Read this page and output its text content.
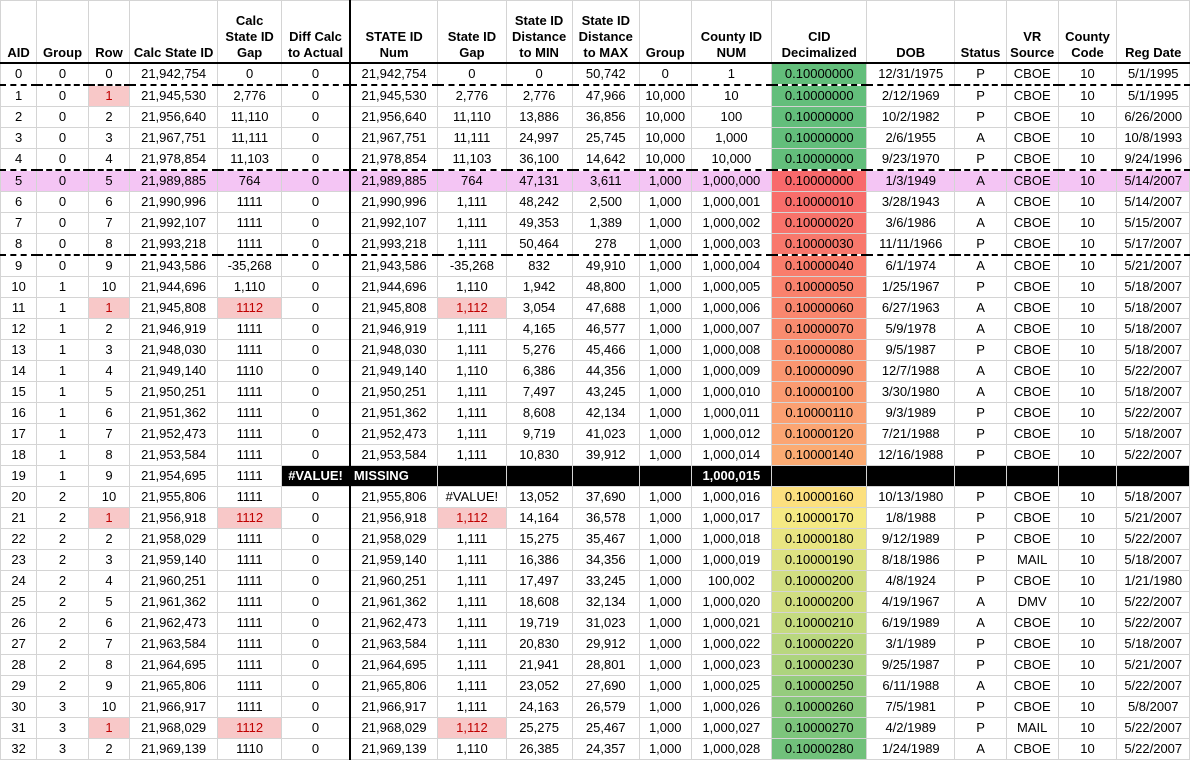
AID	Group	Row	Calc State ID	Calc State ID Gap	Diff Calc to Actual	STATE ID Num	State ID Gap	State ID Distance to MIN	State ID Distance to MAX	Group	County ID NUM	CID Decimalized	DOB	Status	VR Source	County Code	Reg Date
0	0	0	21,942,754	0	0	21,942,754	0	0	50,742	0	1	0.10000000	12/31/1975	P	CBOE	10	5/1/1995
1	0	1	21,945,530	2,776	0	21,945,530	2,776	2,776	47,966	10,000	10	0.10000000	2/12/1969	P	CBOE	10	5/1/1995
2	0	2	21,956,640	11,110	0	21,956,640	11,110	13,886	36,856	10,000	100	0.10000000	10/2/1982	P	CBOE	10	6/26/2000
3	0	3	21,967,751	11,111	0	21,967,751	11,111	24,997	25,745	10,000	1,000	0.10000000	2/6/1955	A	CBOE	10	10/8/1993
4	0	4	21,978,854	11,103	0	21,978,854	11,103	36,100	14,642	10,000	10,000	0.10000000	9/23/1970	P	CBOE	10	9/24/1996
5	0	5	21,989,885	764	0	21,989,885	764	47,131	3,611	1,000	1,000,000	0.10000000	1/3/1949	A	CBOE	10	5/14/2007
6	0	6	21,990,996	1111	0	21,990,996	1,111	48,242	2,500	1,000	1,000,001	0.10000010	3/28/1943	A	CBOE	10	5/14/2007
7	0	7	21,992,107	1111	0	21,992,107	1,111	49,353	1,389	1,000	1,000,002	0.10000020	3/6/1986	A	CBOE	10	5/15/2007
8	0	8	21,993,218	1111	0	21,993,218	1,111	50,464	278	1,000	1,000,003	0.10000030	11/11/1966	P	CBOE	10	5/17/2007
9	0	9	21,943,586	-35,268	0	21,943,586	-35,268	832	49,910	1,000	1,000,004	0.10000040	6/1/1974	A	CBOE	10	5/21/2007
10	1	10	21,944,696	1,110	0	21,944,696	1,110	1,942	48,800	1,000	1,000,005	0.10000050	1/25/1967	P	CBOE	10	5/18/2007
11	1	1	21,945,808	1112	0	21,945,808	1,112	3,054	47,688	1,000	1,000,006	0.10000060	6/27/1963	A	CBOE	10	5/18/2007
12	1	2	21,946,919	1111	0	21,946,919	1,111	4,165	46,577	1,000	1,000,007	0.10000070	5/9/1978	A	CBOE	10	5/18/2007
13	1	3	21,948,030	1111	0	21,948,030	1,111	5,276	45,466	1,000	1,000,008	0.10000080	9/5/1987	P	CBOE	10	5/18/2007
14	1	4	21,949,140	1110	0	21,949,140	1,110	6,386	44,356	1,000	1,000,009	0.10000090	12/7/1988	A	CBOE	10	5/22/2007
15	1	5	21,950,251	1111	0	21,950,251	1,111	7,497	43,245	1,000	1,000,010	0.10000100	3/30/1980	A	CBOE	10	5/18/2007
16	1	6	21,951,362	1111	0	21,951,362	1,111	8,608	42,134	1,000	1,000,011	0.10000110	9/3/1989	P	CBOE	10	5/22/2007
17	1	7	21,952,473	1111	0	21,952,473	1,111	9,719	41,023	1,000	1,000,012	0.10000120	7/21/1988	P	CBOE	10	5/18/2007
18	1	8	21,953,584	1111	0	21,953,584	1,111	10,830	39,912	1,000	1,000,014	0.10000140	12/16/1988	P	CBOE	10	5/22/2007
19	1	9	21,954,695	1111	#VALUE!	MISSING					1,000,015						
20	2	10	21,955,806	1111	0	21,955,806	#VALUE!	13,052	37,690	1,000	1,000,016	0.10000160	10/13/1980	P	CBOE	10	5/18/2007
21	2	1	21,956,918	1112	0	21,956,918	1,112	14,164	36,578	1,000	1,000,017	0.10000170	1/8/1988	P	CBOE	10	5/21/2007
22	2	2	21,958,029	1111	0	21,958,029	1,111	15,275	35,467	1,000	1,000,018	0.10000180	9/12/1989	P	CBOE	10	5/22/2007
23	2	3	21,959,140	1111	0	21,959,140	1,111	16,386	34,356	1,000	1,000,019	0.10000190	8/18/1986	P	MAIL	10	5/18/2007
24	2	4	21,960,251	1111	0	21,960,251	1,111	17,497	33,245	1,000	100,002	0.10000200	4/8/1924	P	CBOE	10	1/21/1980
25	2	5	21,961,362	1111	0	21,961,362	1,111	18,608	32,134	1,000	1,000,020	0.10000200	4/19/1967	A	DMV	10	5/22/2007
26	2	6	21,962,473	1111	0	21,962,473	1,111	19,719	31,023	1,000	1,000,021	0.10000210	6/19/1989	A	CBOE	10	5/22/2007
27	2	7	21,963,584	1111	0	21,963,584	1,111	20,830	29,912	1,000	1,000,022	0.10000220	3/1/1989	P	CBOE	10	5/18/2007
28	2	8	21,964,695	1111	0	21,964,695	1,111	21,941	28,801	1,000	1,000,023	0.10000230	9/25/1987	P	CBOE	10	5/21/2007
29	2	9	21,965,806	1111	0	21,965,806	1,111	23,052	27,690	1,000	1,000,025	0.10000250	6/11/1988	A	CBOE	10	5/22/2007
30	3	10	21,966,917	1111	0	21,966,917	1,111	24,163	26,579	1,000	1,000,026	0.10000260	7/5/1981	P	CBOE	10	5/8/2007
31	3	1	21,968,029	1112	0	21,968,029	1,112	25,275	25,467	1,000	1,000,027	0.10000270	4/2/1989	P	MAIL	10	5/22/2007
32	3	2	21,969,139	1110	0	21,969,139	1,110	26,385	24,357	1,000	1,000,028	0.10000280	1/24/1989	A	CBOE	10	5/22/2007
